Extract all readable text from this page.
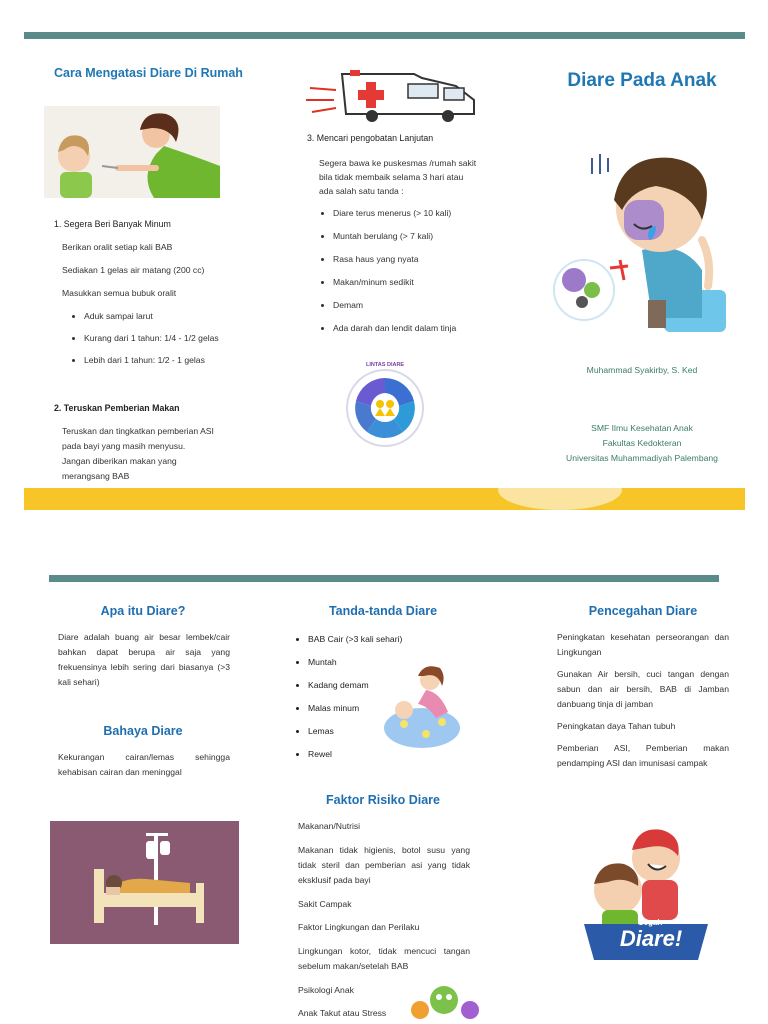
Cara Mengatasi Diare Di Rumah
1. Segera Beri Banyak Minum

Berikan oralit setiap kali BAB

Sediakan 1 gelas air matang (200 cc)

Masukkan semua bubuk oralit

• Aduk sampai larut
• Kurang dari 1 tahun: 1/4 - 1/2 gelas
• Lebih dari 1 tahun: 1/2 - 1 gelas
2. Teruskan Pemberian Makan
Teruskan dan tingkatkan pemberian ASI pada bayi yang masih menyusu. Jangan diberikan makan yang merangsang BAB
3. Mencari pengobatan Lanjutan
Segera bawa ke puskesmas /rumah sakit bila tidak membaik selama 3 hari atau ada salah satu tanda :
• Diare terus menerus (> 10 kali)
• Muntah berulang (> 7 kali)
• Rasa haus yang nyata
• Makan/minum sedikit
• Demam
• Ada darah dan lendit dalam tinja
LINTAS DIARE
Diare Pada Anak
Muhammad Syakirby, S. Ked
SMF Ilmu Kesehatan Anak
Fakultas Kedokteran
Universitas Muhammadiyah Palembang
Apa itu Diare?
Diare adalah buang air besar lembek/cair bahkan dapat berupa air saja yang frekuensinya lebih sering dari biasanya (>3 kali sehari)
Bahaya Diare
Kekurangan cairan/lemas sehingga kehabisan cairan dan meninggal
Tanda-tanda Diare
• BAB Cair (>3 kali sehari)
• Muntah
• Kadang demam
• Malas minum
• Lemas
• Rewel
Faktor Risiko Diare

Makanan/Nutrisi

Makanan tidak higienis, botol susu yang tidak steril dan pemberian asi yang tidak eksklusif pada bayi

Sakit Campak

Faktor Lingkungan dan Perilaku

Lingkungan kotor, tidak mencuci tangan sebelum makan/setelah BAB

Psikologi Anak

Anak Takut atau Stress

Pencegahan Diare

Peningkatan kesehatan perseorangan dan Lingkungan

Gunakan Air bersih, cuci tangan dengan sabun dan air bersih, BAB di Jamban danbuang tinja di jamban

Peningkatan daya Tahan tubuh

Pemberian ASI, Pemberian makan pendamping ASI dan imunisasi campak

Cegah
Diare!
